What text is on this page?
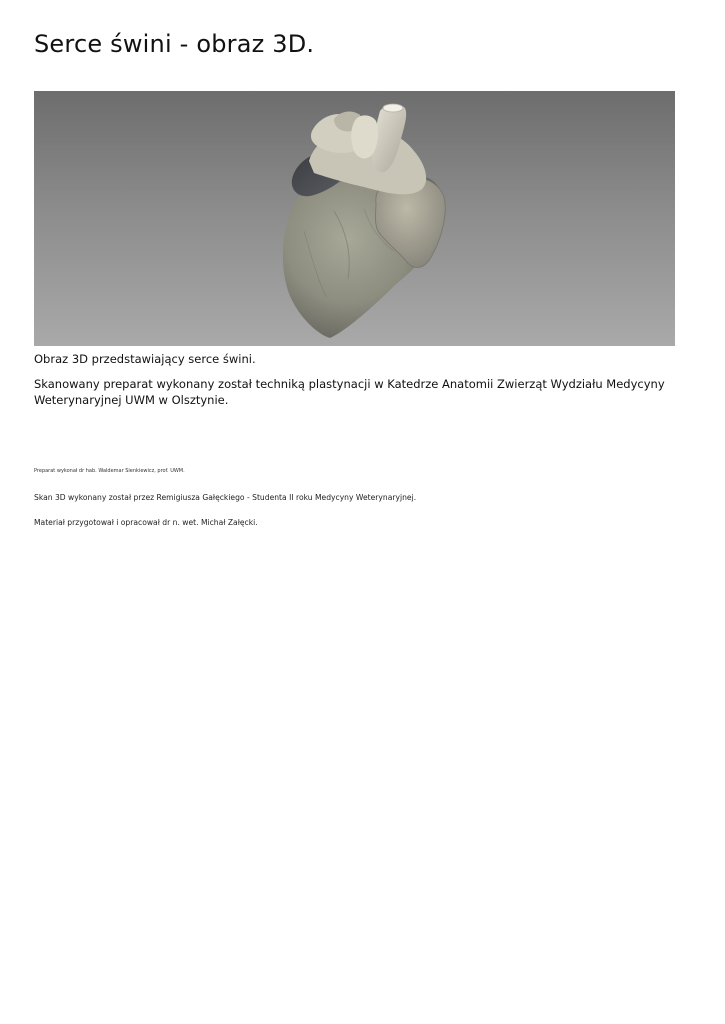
Serce świni - obraz 3D.

Obraz 3D przedstawiający serce świni.

Skanowany preparat wykonany został techniką plastynacji w Katedrze Anatomii Zwierząt Wydziału Medycyny Weterynaryjnej UWM w Olsztynie.

Preparat wykonał dr hab. Waldemar Sienkiewicz, prof. UWM.

Skan 3D wykonany został przez Remigiusza Gałęckiego - Studenta II roku Medycyny Weterynaryjnej.

Materiał przygotował i opracował dr n. wet. Michał Załęcki.
